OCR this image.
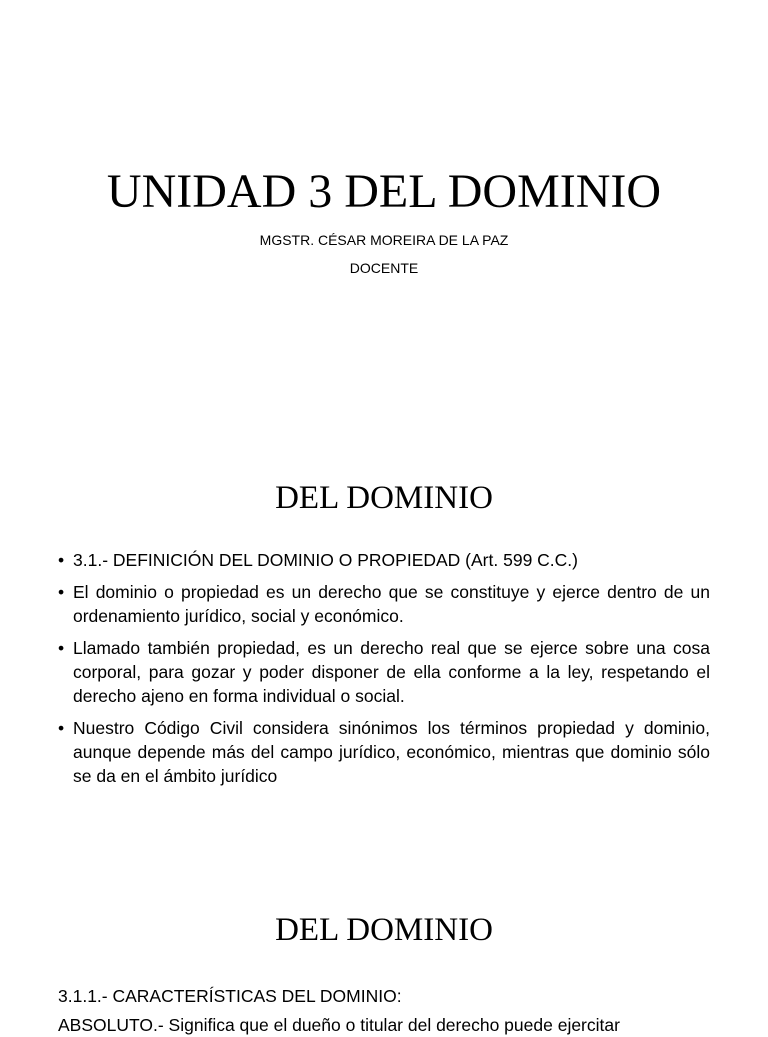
UNIDAD 3 DEL DOMINIO

MGSTR. CÉSAR MOREIRA DE LA PAZ

DOCENTE

DEL DOMINIO
• 3.1.- DEFINICIÓN DEL DOMINIO O PROPIEDAD (Art. 599 C.C.)
• El dominio o propiedad es un derecho que se constituye y ejerce dentro de un ordenamiento jurídico, social y económico.
• Llamado también propiedad, es un derecho real que se ejerce sobre una cosa corporal, para gozar y poder disponer de ella conforme a la ley, respetando el derecho ajeno en forma individual o social.
• Nuestro Código Civil considera sinónimos los términos propiedad y dominio, aunque depende más del campo jurídico, económico, mientras que dominio sólo se da en el ámbito jurídico
DEL DOMINIO

3.1.1.- CARACTERÍSTICAS DEL DOMINIO:

ABSOLUTO.- Significa que el dueño o titular del derecho puede ejercitar
